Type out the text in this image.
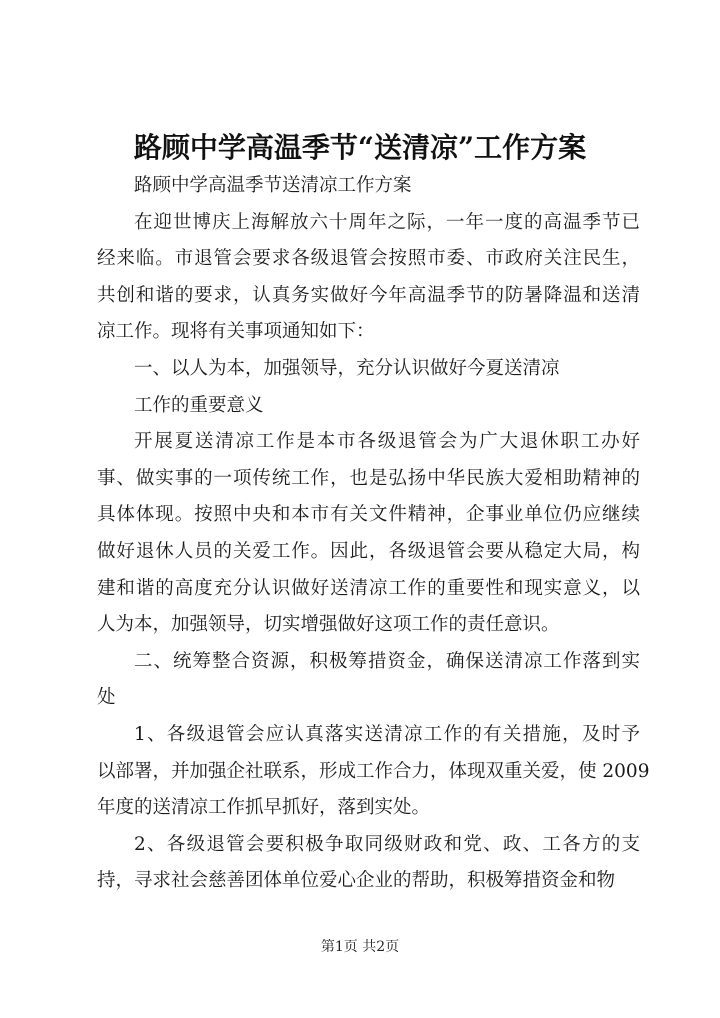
路顾中学高温季节“送清凉”工作方案
路顾中学高温季节送清凉工作方案
在迎世博庆上海解放六十周年之际，一年一度的高温季节已
经来临。市退管会要求各级退管会按照市委、市政府关注民生，
共创和谐的要求，认真务实做好今年高温季节的防暑降温和送清
凉工作。现将有关事项通知如下：
一、以人为本，加强领导，充分认识做好今夏送清凉
工作的重要意义
开展夏送清凉工作是本市各级退管会为广大退休职工办好
事、做实事的一项传统工作，也是弘扬中华民族大爱相助精神的
具体体现。按照中央和本市有关文件精神，企事业单位仍应继续
做好退休人员的关爱工作。因此，各级退管会要从稳定大局，构
建和谐的高度充分认识做好送清凉工作的重要性和现实意义，以
人为本，加强领导，切实增强做好这项工作的责任意识。
二、统筹整合资源，积极筹措资金，确保送清凉工作落到实
处
1、各级退管会应认真落实送清凉工作的有关措施，及时予
以部署，并加强企社联系，形成工作合力，体现双重关爱，使 2009
年度的送清凉工作抓早抓好，落到实处。
2、各级退管会要积极争取同级财政和党、政、工各方的支
持，寻求社会慈善团体单位爱心企业的帮助，积极筹措资金和物
第1页 共2页
